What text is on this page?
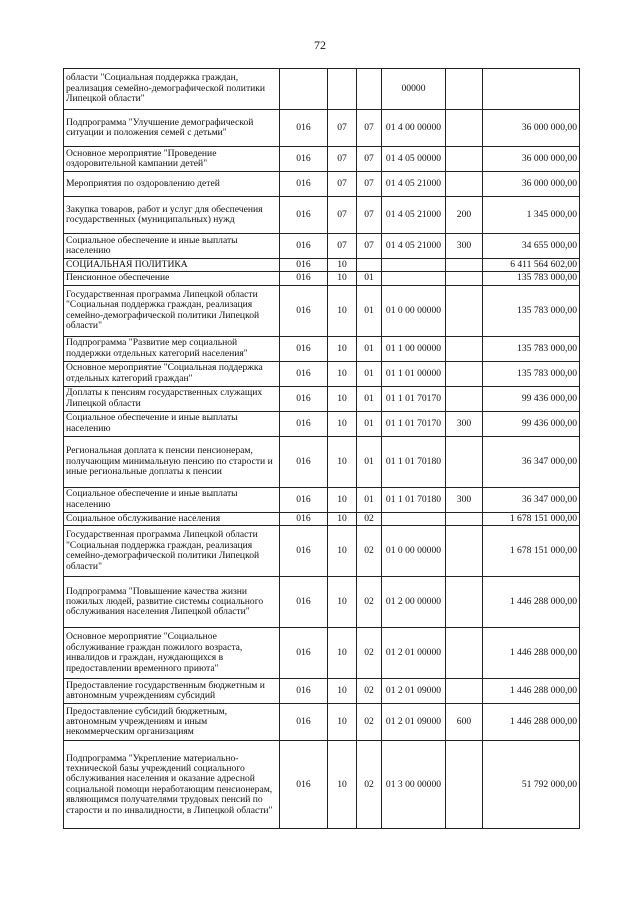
72
области "Социальная поддержка граждан, реализация семейно-демографической политики Липецкой области"				00000		
Подпрограмма "Улучшение демографической ситуации и положения семей с детьми"	016	07	07	01 4 00 00000		36 000 000,00
Основное мероприятие "Проведение оздоровительной кампании детей"	016	07	07	01 4 05 00000		36 000 000,00
Мероприятия по оздоровлению детей	016	07	07	01 4 05 21000		36 000 000,00
Закупка товаров, работ и услуг для обеспечения государственных (муниципальных) нужд	016	07	07	01 4 05 21000	200	1 345 000,00
Социальное обеспечение и иные выплаты населению	016	07	07	01 4 05 21000	300	34 655 000,00
СОЦИАЛЬНАЯ ПОЛИТИКА	016	10				6 411 564 602,00
Пенсионное обеспечение	016	10	01			135 783 000,00
Государственная программа Липецкой области "Социальная поддержка граждан, реализация семейно-демографической политики Липецкой области"	016	10	01	01 0 00 00000		135 783 000,00
Подпрограмма "Развитие мер социальной поддержки отдельных категорий населения"	016	10	01	01 1 00 00000		135 783 000,00
Основное мероприятие "Социальная поддержка отдельных категорий граждан"	016	10	01	01 1 01 00000		135 783 000,00
Доплаты к пенсиям государственных служащих Липецкой области	016	10	01	01 1 01 70170		99 436 000,00
Социальное обеспечение и иные выплаты населению	016	10	01	01 1 01 70170	300	99 436 000,00
Региональная доплата к пенсии пенсионерам, получающим минимальную пенсию по старости и иные региональные доплаты к пенсии	016	10	01	01 1 01 70180		36 347 000,00
Социальное обеспечение и иные выплаты населению	016	10	01	01 1 01 70180	300	36 347 000,00
Социальное обслуживание населения	016	10	02			1 678 151 000,00
Государственная программа Липецкой области "Социальная поддержка граждан, реализация семейно-демографической политики Липецкой области"	016	10	02	01 0 00 00000		1 678 151 000,00
Подпрограмма "Повышение качества жизни пожилых людей, развитие системы социального обслуживания населения Липецкой области"	016	10	02	01 2 00 00000		1 446 288 000,00
Основное мероприятие "Социальное обслуживание граждан пожилого возраста, инвалидов и граждан, нуждающихся в предоставлении временного приюта"	016	10	02	01 2 01 00000		1 446 288 000,00
Предоставление государственным бюджетным и автономным учреждениям субсидий	016	10	02	01 2 01 09000		1 446 288 000,00
Предоставление субсидий бюджетным, автономным учреждениям и иным некоммерческим организациям	016	10	02	01 2 01 09000	600	1 446 288 000,00
Подпрограмма "Укрепление материально-технической базы учреждений социального обслуживания населения и оказание адресной социальной помощи неработающим пенсионерам, являющимся получателями трудовых пенсий по старости и по инвалидности, в Липецкой области"	016	10	02	01 3 00 00000		51 792 000,00
